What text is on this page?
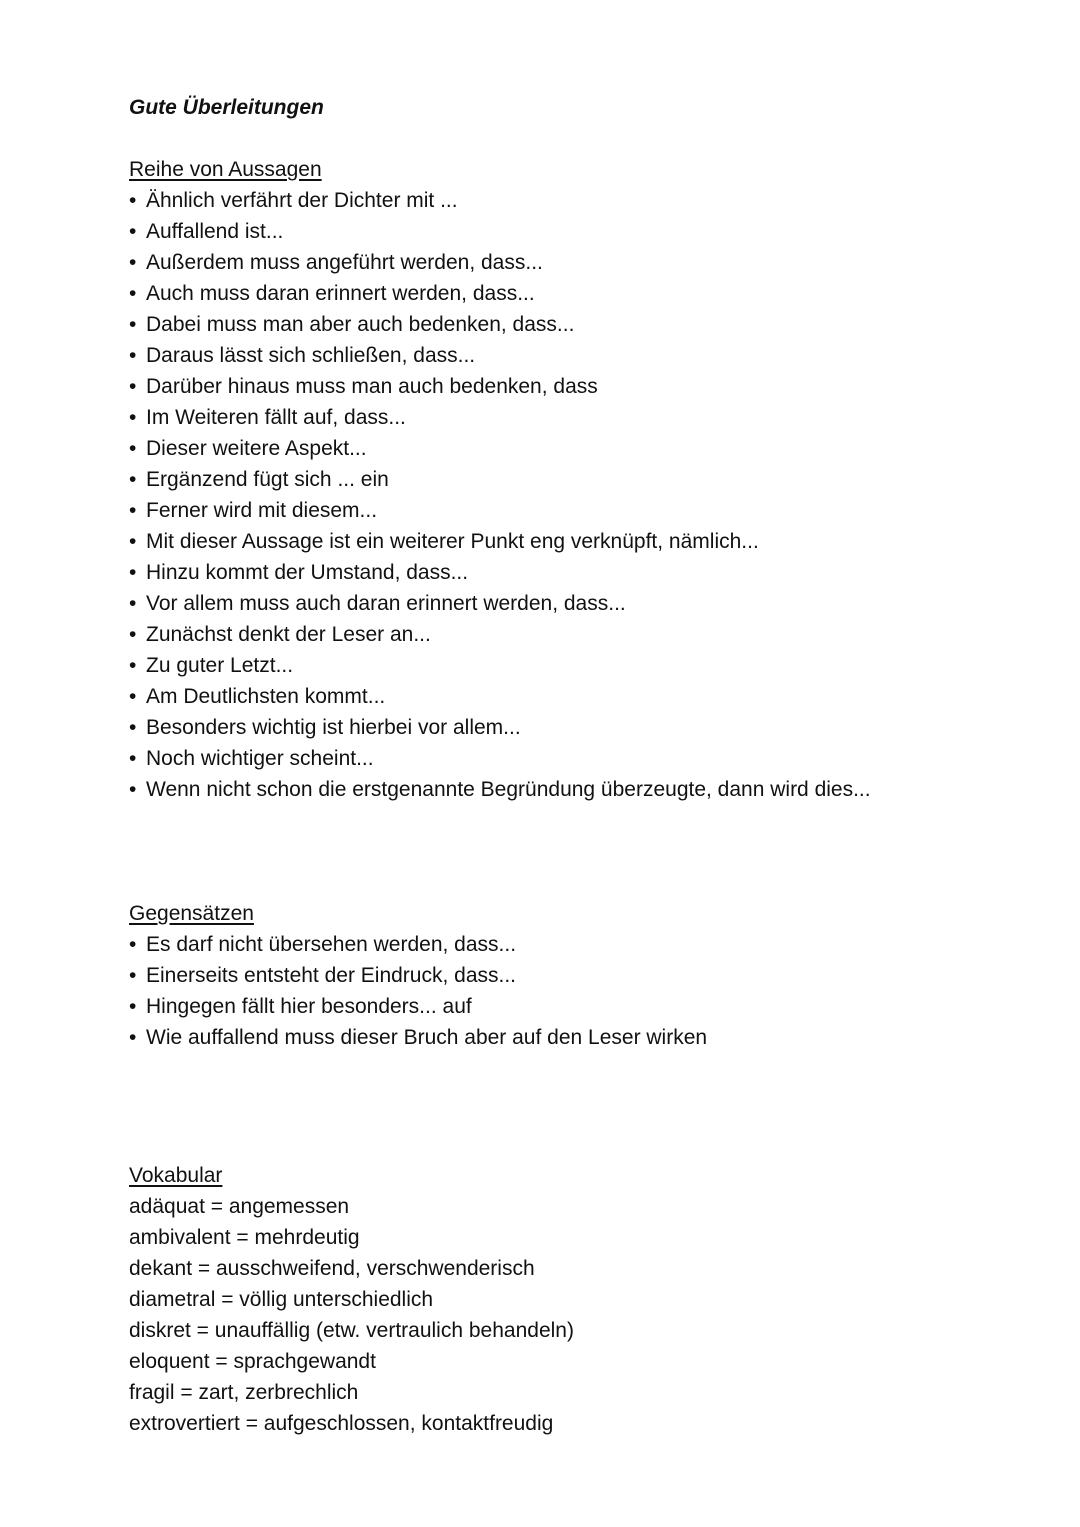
Gute Überleitungen
Reihe von Aussagen
• Ähnlich verfährt der Dichter mit ...
• Auffallend ist...
• Außerdem muss angeführt werden, dass...
• Auch muss daran erinnert werden, dass...
• Dabei muss man aber auch bedenken, dass...
• Daraus lässt sich schließen, dass...
• Darüber hinaus muss man auch bedenken, dass
• Im Weiteren fällt auf, dass...
• Dieser weitere Aspekt...
• Ergänzend fügt sich ... ein
• Ferner wird mit diesem...
• Mit dieser Aussage ist ein weiterer Punkt eng verknüpft, nämlich...
• Hinzu kommt der Umstand, dass...
• Vor allem muss auch daran erinnert werden, dass...
• Zunächst denkt der Leser an...
• Zu guter Letzt...
• Am Deutlichsten kommt...
• Besonders wichtig ist hierbei vor allem...
• Noch wichtiger scheint...
• Wenn nicht schon die erstgenannte Begründung überzeugte, dann wird dies...
Gegensätzen
• Es darf nicht übersehen werden, dass...
• Einerseits entsteht der Eindruck, dass...
• Hingegen fällt hier besonders... auf
• Wie auffallend muss dieser Bruch aber auf den Leser wirken
Vokabular
adäquat = angemessen
ambivalent = mehrdeutig
dekant = ausschweifend, verschwenderisch
diametral = völlig unterschiedlich
diskret = unauffällig (etw. vertraulich behandeln)
eloquent = sprachgewandt
fragil = zart, zerbrechlich
extrovertiert = aufgeschlossen, kontaktfreudig
